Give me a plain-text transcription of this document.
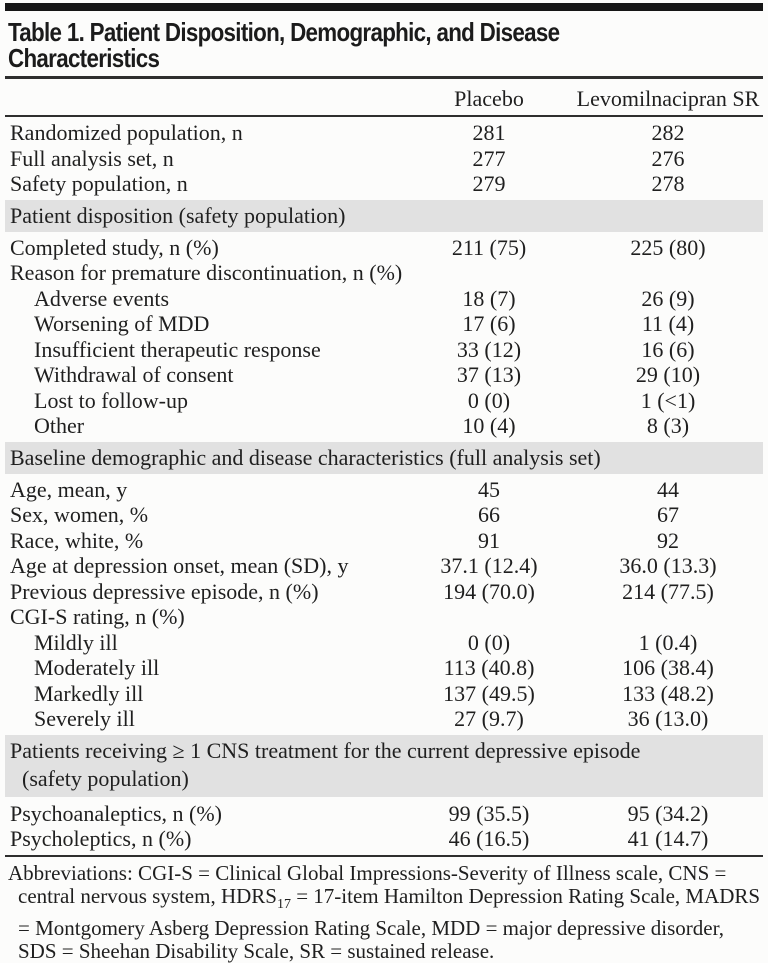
Table 1. Patient Disposition, Demographic, and Disease Characteristics
Placebo	Levomilnacipran SR
Randomized population, n	281	282
Full analysis set, n	277	276
Safety population, n	279	278
Patient disposition (safety population)
Completed study, n (%)	211 (75)	225 (80)
Reason for premature discontinuation, n (%)
Adverse events	18 (7)	26 (9)
Worsening of MDD	17 (6)	11 (4)
Insufficient therapeutic response	33 (12)	16 (6)
Withdrawal of consent	37 (13)	29 (10)
Lost to follow-up	0 (0)	1 (<1)
Other	10 (4)	8 (3)
Baseline demographic and disease characteristics (full analysis set)
Age, mean, y	45	44
Sex, women, %	66	67
Race, white, %	91	92
Age at depression onset, mean (SD), y	37.1 (12.4)	36.0 (13.3)
Previous depressive episode, n (%)	194 (70.0)	214 (77.5)
CGI-S rating, n (%)
Mildly ill	0 (0)	1 (0.4)
Moderately ill	113 (40.8)	106 (38.4)
Markedly ill	137 (49.5)	133 (48.2)
Severely ill	27 (9.7)	36 (13.0)
Patients receiving ≥ 1 CNS treatment for the current depressive episode
(safety population)
Psychoanaleptics, n (%)	99 (35.5)	95 (34.2)
Psycholeptics, n (%)	46 (16.5)	41 (14.7)

Abbreviations: CGI-S = Clinical Global Impressions-Severity of Illness scale, CNS = central nervous system, $HDRS_{17}$ = 17-item Hamilton Depression Rating Scale, MADRS = Montgomery Asberg Depression Rating Scale, MDD = major depressive disorder, SDS = Sheehan Disability Scale, SR = sustained release.
